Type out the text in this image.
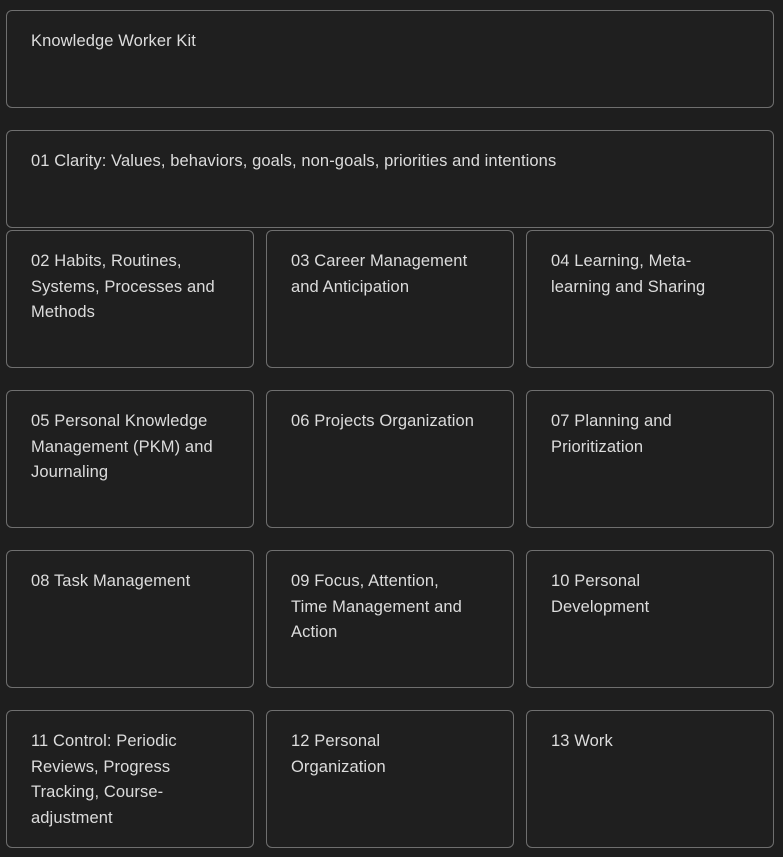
Knowledge Worker Kit
01 Clarity: Values, behaviors, goals, non-goals, priorities and intentions
02 Habits, Routines, Systems, Processes and Methods
03 Career Management and Anticipation
04 Learning, Meta-learning and Sharing
05 Personal Knowledge Management (PKM) and Journaling
06 Projects Organization	07 Planning and Prioritization
08 Task Management	09 Focus, Attention, Time Management and Action
10 Personal Development
11 Control: Periodic Reviews, Progress Tracking, Course-adjustment
12 Personal Organization
13 Work
